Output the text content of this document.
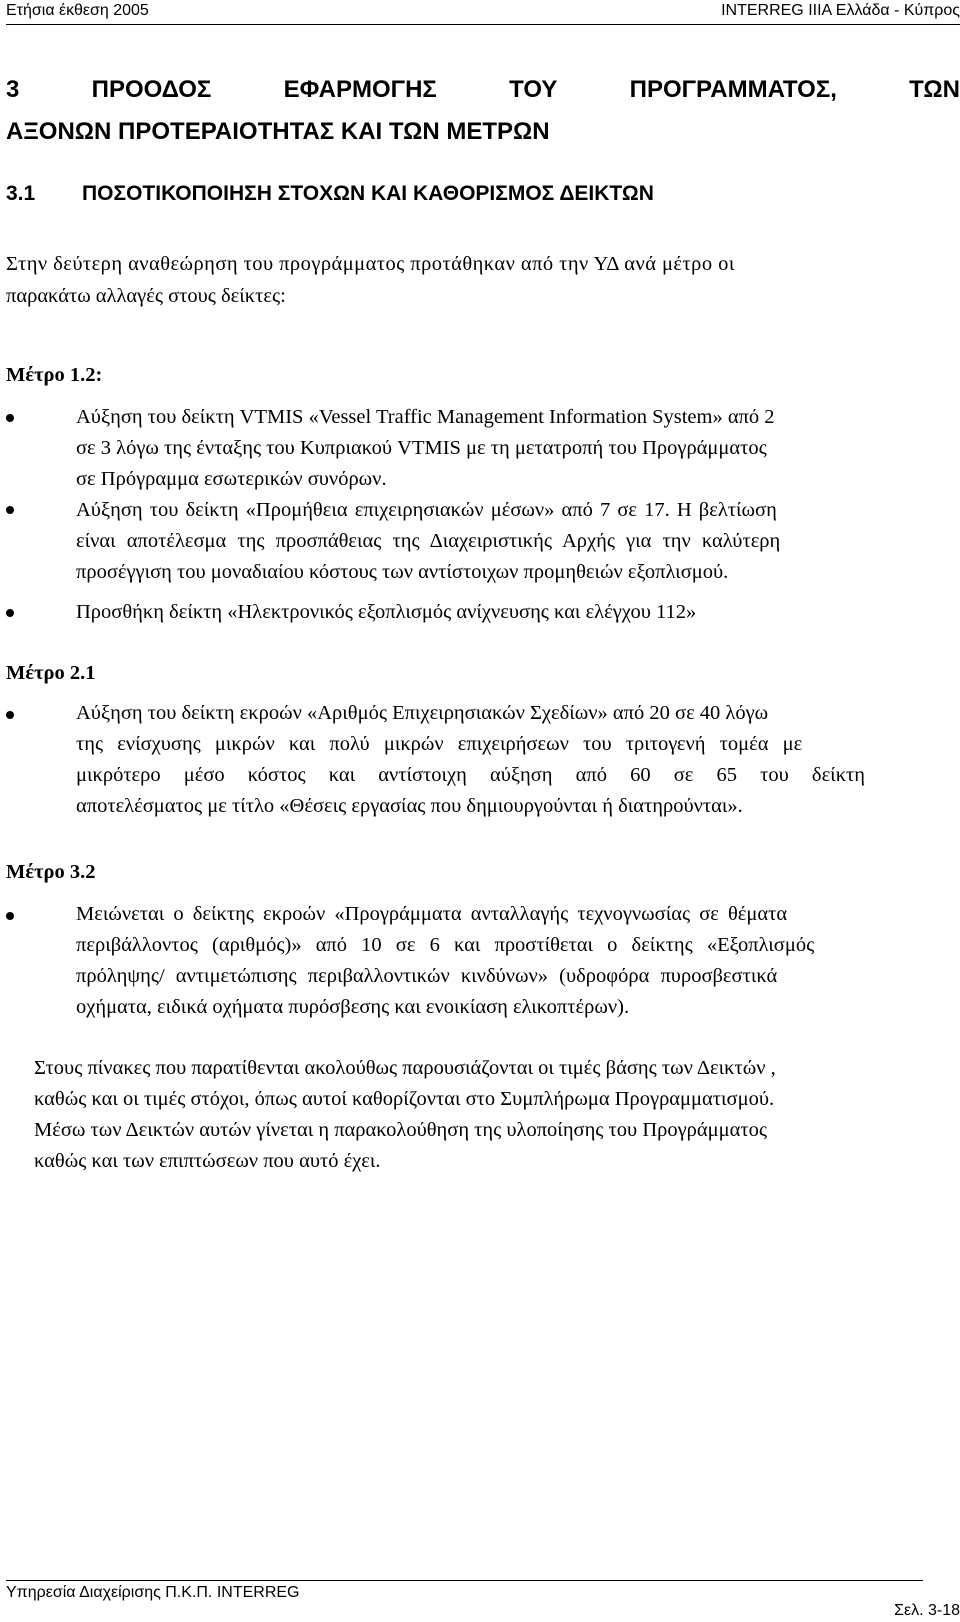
Ετήσια έκθεση 2005	INTERREG IIIA Ελλάδα - Κύπρος
3	ΠΡΟΟΔΟΣ	ΕΦΑΡΜΟΓΗΣ	ΤΟΥ	ΠΡΟΓΡΑΜΜΑΤΟΣ,	ΤΩΝ
ΑΞΟΝΩΝ ΠΡΟΤΕΡΑΙΟΤΗΤΑΣ ΚΑΙ ΤΩΝ ΜΕΤΡΩΝ
3.1 ΠΟΣΟΤΙΚΟΠΟΙΗΣΗ ΣΤΟΧΩΝ ΚΑΙ ΚΑΘΟΡΙΣΜΟΣ ΔΕΙΚΤΩΝ
Στην δεύτερη αναθεώρηση του προγράμματος προτάθηκαν από την ΥΔ ανά μέτρο οι
παρακάτω αλλαγές στους δείκτες:
Μέτρο 1.2:
Αύξηση του δείκτη VTMIS «Vessel Traffic Management Information System» από 2
σε 3 λόγω της ένταξης του Κυπριακού VTMIS με τη μετατροπή του Προγράμματος
σε Πρόγραμμα εσωτερικών συνόρων.
Αύξηση του δείκτη «Προμήθεια επιχειρησιακών μέσων» από 7 σε 17. Η βελτίωση
είναι αποτέλεσμα της προσπάθειας της Διαχειριστικής Αρχής για την καλύτερη
προσέγγιση του μοναδιαίου κόστους των αντίστοιχων προμηθειών εξοπλισμού.
Προσθήκη δείκτη «Ηλεκτρονικός εξοπλισμός ανίχνευσης και ελέγχου 112»
Μέτρο 2.1
Αύξηση του δείκτη εκροών «Αριθμός Επιχειρησιακών Σχεδίων» από 20 σε 40 λόγω
της ενίσχυσης μικρών και πολύ μικρών επιχειρήσεων του τριτογενή τομέα με
μικρότερο μέσο κόστος και αντίστοιχη αύξηση από 60 σε 65 του δείκτη
αποτελέσματος με τίτλο «Θέσεις εργασίας που δημιουργούνται ή διατηρούνται».
Μέτρο 3.2
Μειώνεται ο δείκτης εκροών «Προγράμματα ανταλλαγής τεχνογνωσίας σε θέματα
περιβάλλοντος (αριθμός)» από 10 σε 6 και προστίθεται ο δείκτης «Εξοπλισμός
πρόληψης/ αντιμετώπισης περιβαλλοντικών κινδύνων» (υδροφόρα πυροσβεστικά
οχήματα, ειδικά οχήματα πυρόσβεσης και ενοικίαση ελικοπτέρων).
Στους πίνακες που παρατίθενται ακολούθως παρουσιάζονται οι τιμές βάσης των Δεικτών ,
καθώς και οι τιμές στόχοι, όπως αυτοί καθορίζονται στο Συμπλήρωμα Προγραμματισμού.
Μέσω των Δεικτών αυτών γίνεται η παρακολούθηση της υλοποίησης του Προγράμματος
καθώς και των επιπτώσεων που αυτό έχει.
Υπηρεσία Διαχείρισης Π.Κ.Π. INTERREG
Σελ. 3-18
